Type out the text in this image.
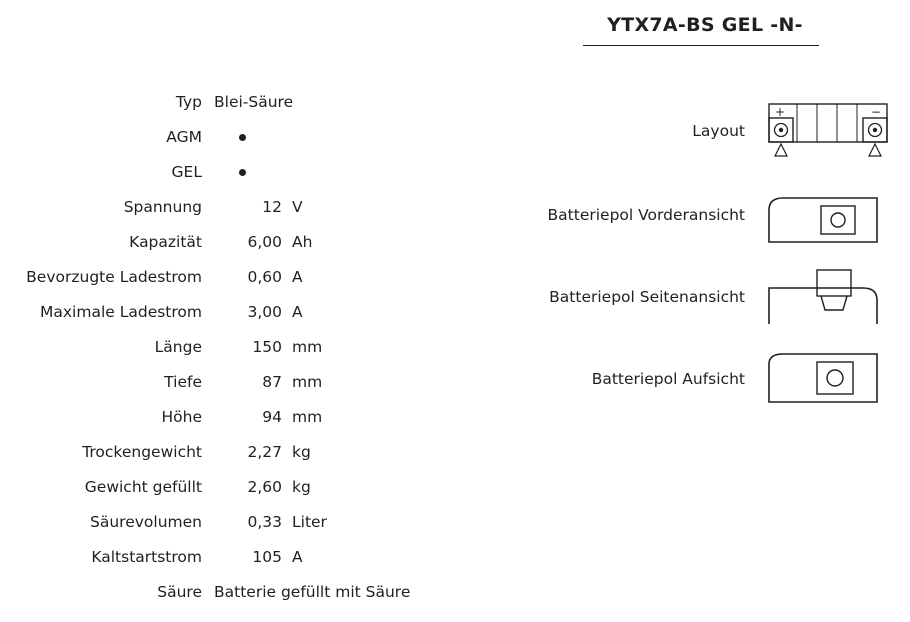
YTX7A-BS GEL -N-
Typ Blei-Säure
AGM
GEL
Spannung	12 V
Kapazität	6,00 Ah
Bevorzugte Ladestrom	0,60 A
Maximale Ladestrom	3,00 A
Länge	150 mm
Tiefe	87 mm
Höhe	94 mm
Trockengewicht	2,27 kg
Gewicht gefüllt	2,60 kg
Säurevolumen	0,33 Liter
Kaltstartstrom	105 A
Säure Batterie gefüllt mit Säure
Layout
+	−
Batteriepol Vorderansicht
Batteriepol Seitenansicht
Batteriepol Aufsicht
